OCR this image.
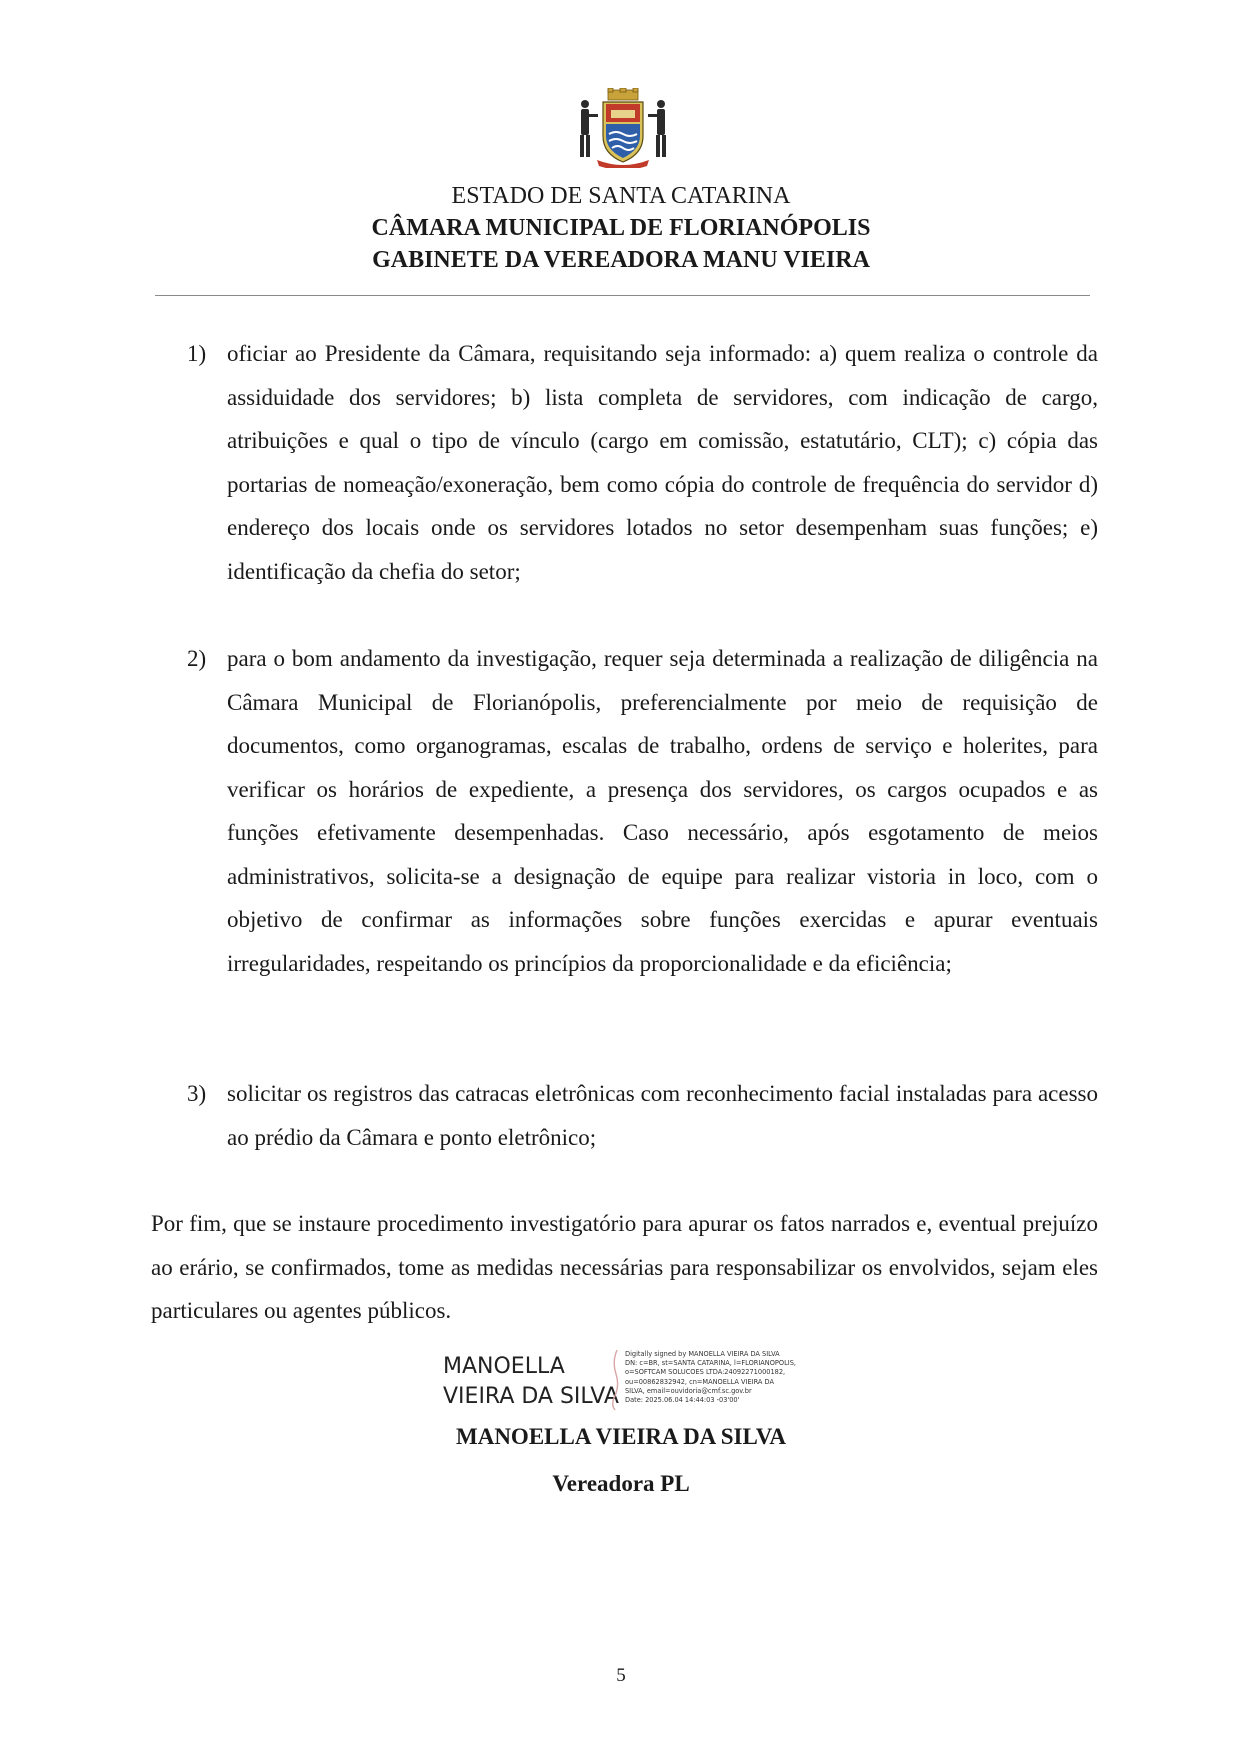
ESTADO DE SANTA CATARINA
CÂMARA MUNICIPAL DE FLORIANÓPOLIS
GABINETE DA VEREADORA MANU VIEIRA
1) oficiar ao Presidente da Câmara, requisitando seja informado: a) quem realiza o controle da assiduidade dos servidores; b) lista completa de servidores, com indicação de cargo, atribuições e qual o tipo de vínculo (cargo em comissão, estatutário, CLT); c) cópia das portarias de nomeação/exoneração, bem como cópia do controle de frequência do servidor d) endereço dos locais onde os servidores lotados no setor desempenham suas funções; e) identificação da chefia do setor;
2) para o bom andamento da investigação, requer seja determinada a realização de diligência na Câmara Municipal de Florianópolis, preferencialmente por meio de requisição de documentos, como organogramas, escalas de trabalho, ordens de serviço e holerites, para verificar os horários de expediente, a presença dos servidores, os cargos ocupados e as funções efetivamente desempenhadas. Caso necessário, após esgotamento de meios administrativos, solicita-se a designação de equipe para realizar vistoria in loco, com o objetivo de confirmar as informações sobre funções exercidas e apurar eventuais irregularidades, respeitando os princípios da proporcionalidade e da eficiência;
3) solicitar os registros das catracas eletrônicas com reconhecimento facial instaladas para acesso ao prédio da Câmara e ponto eletrônico;
Por fim, que se instaure procedimento investigatório para apurar os fatos narrados e, eventual prejuízo ao erário, se confirmados, tome as medidas necessárias para responsabilizar os envolvidos, sejam eles particulares ou agentes públicos.
MANOELLA
VIEIRA DA SILVA
Digitally signed by MANOELLA VIEIRA DA SILVA
DN: c=BR, st=SANTA CATARINA, l=FLORIANOPOLIS,
o=SOFTCAM SOLUCOES LTDA:24092271000182,
ou=00862832942, cn=MANOELLA VIEIRA DA
SILVA, email=ouvidoria@cmf.sc.gov.br
Date: 2025.06.04 14:44:03 -03'00'
MANOELLA VIEIRA DA SILVA
Vereadora PL
5
